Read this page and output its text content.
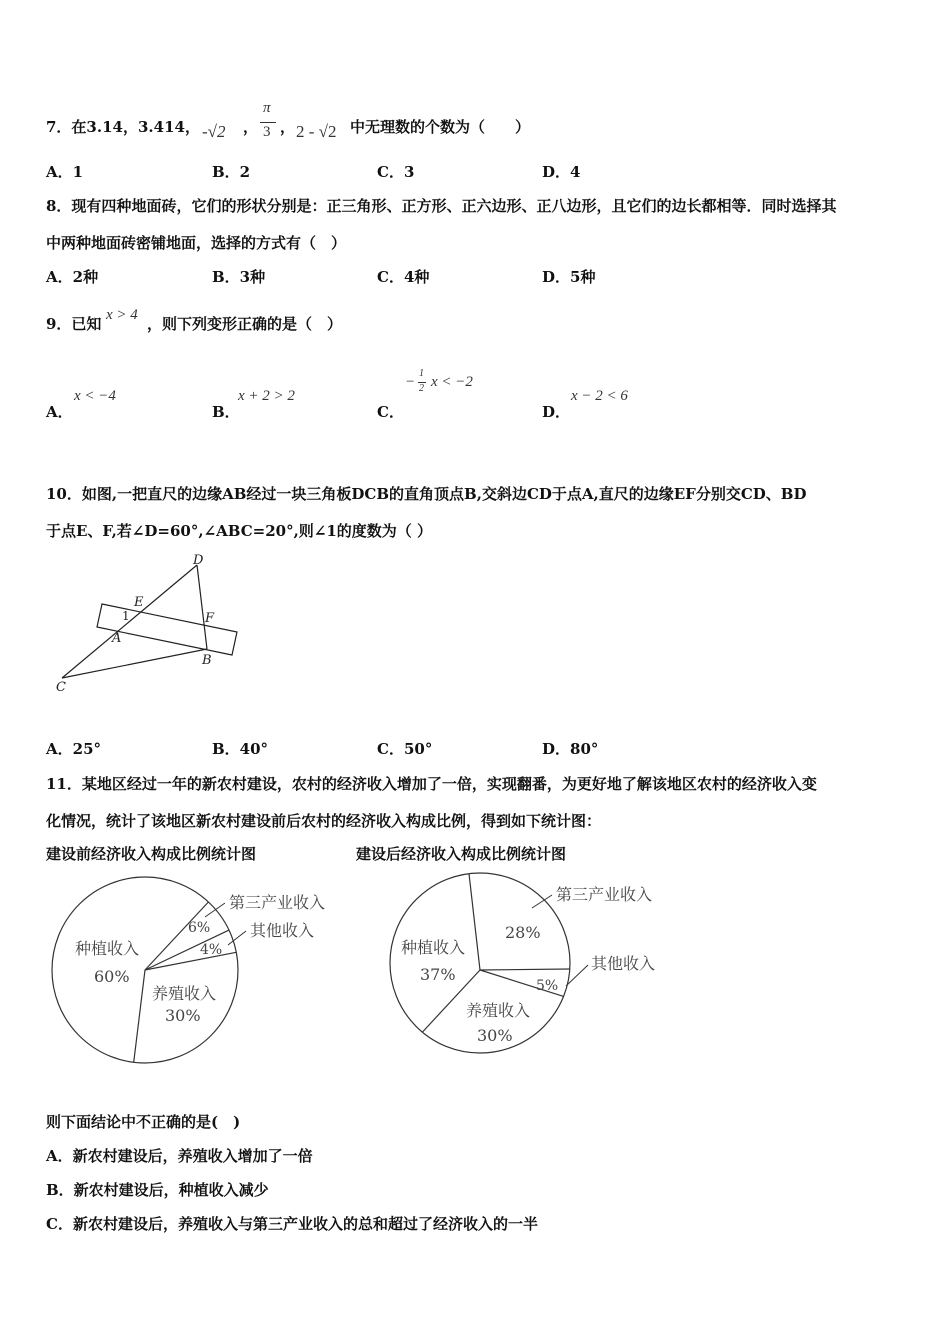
7．在3.14，3.414， -√2 ，
π
3 ， 2 - √2 中无理数的个数为（　　）
A．1	B．2	C．3	D．4
8．现有四种地面砖，它们的形状分别是：正三角形、正方形、正六边形、正八边形，且它们的边长都相等．同时选择其
中两种地面砖密铺地面，选择的方式有（　）
A．2种	B．3种	C．4种	D．5种
9．已知 x > 4 ，则下列变形正确的是（　）
A．
x < −4
B．
x + 2 > 2
C．
−
1
2 x < −2
D．
x − 2 < 6
10．如图,一把直尺的边缘AB经过一块三角板DCB的直角顶点B,交斜边CD于点A,直尺的边缘EF分别交CD、BD
于点E、F,若∠D=60°,∠ABC=20°,则∠1的度数为（ ）
D
E
F
1
A
B
C
A．25°	B．40°	C．50°	D．80°
11．某地区经过一年的新农村建设，农村的经济收入增加了一倍，实现翻番，为更好地了解该地区农村的经济收入变
化情况，统计了该地区新农村建设前后农村的经济收入构成比例，得到如下统计图：
建设前经济收入构成比例统计图	建设后经济收入构成比例统计图
种植收入
60%
6%
4%
养殖收入
30%
第三产业收入
其他收入	28%
种植收入
37%
5%
养殖收入
30%
第三产业收入
其他收入
则下面结论中不正确的是(　)
A．新农村建设后，养殖收入增加了一倍
B．新农村建设后，种植收入减少
C．新农村建设后，养殖收入与第三产业收入的总和超过了经济收入的一半
